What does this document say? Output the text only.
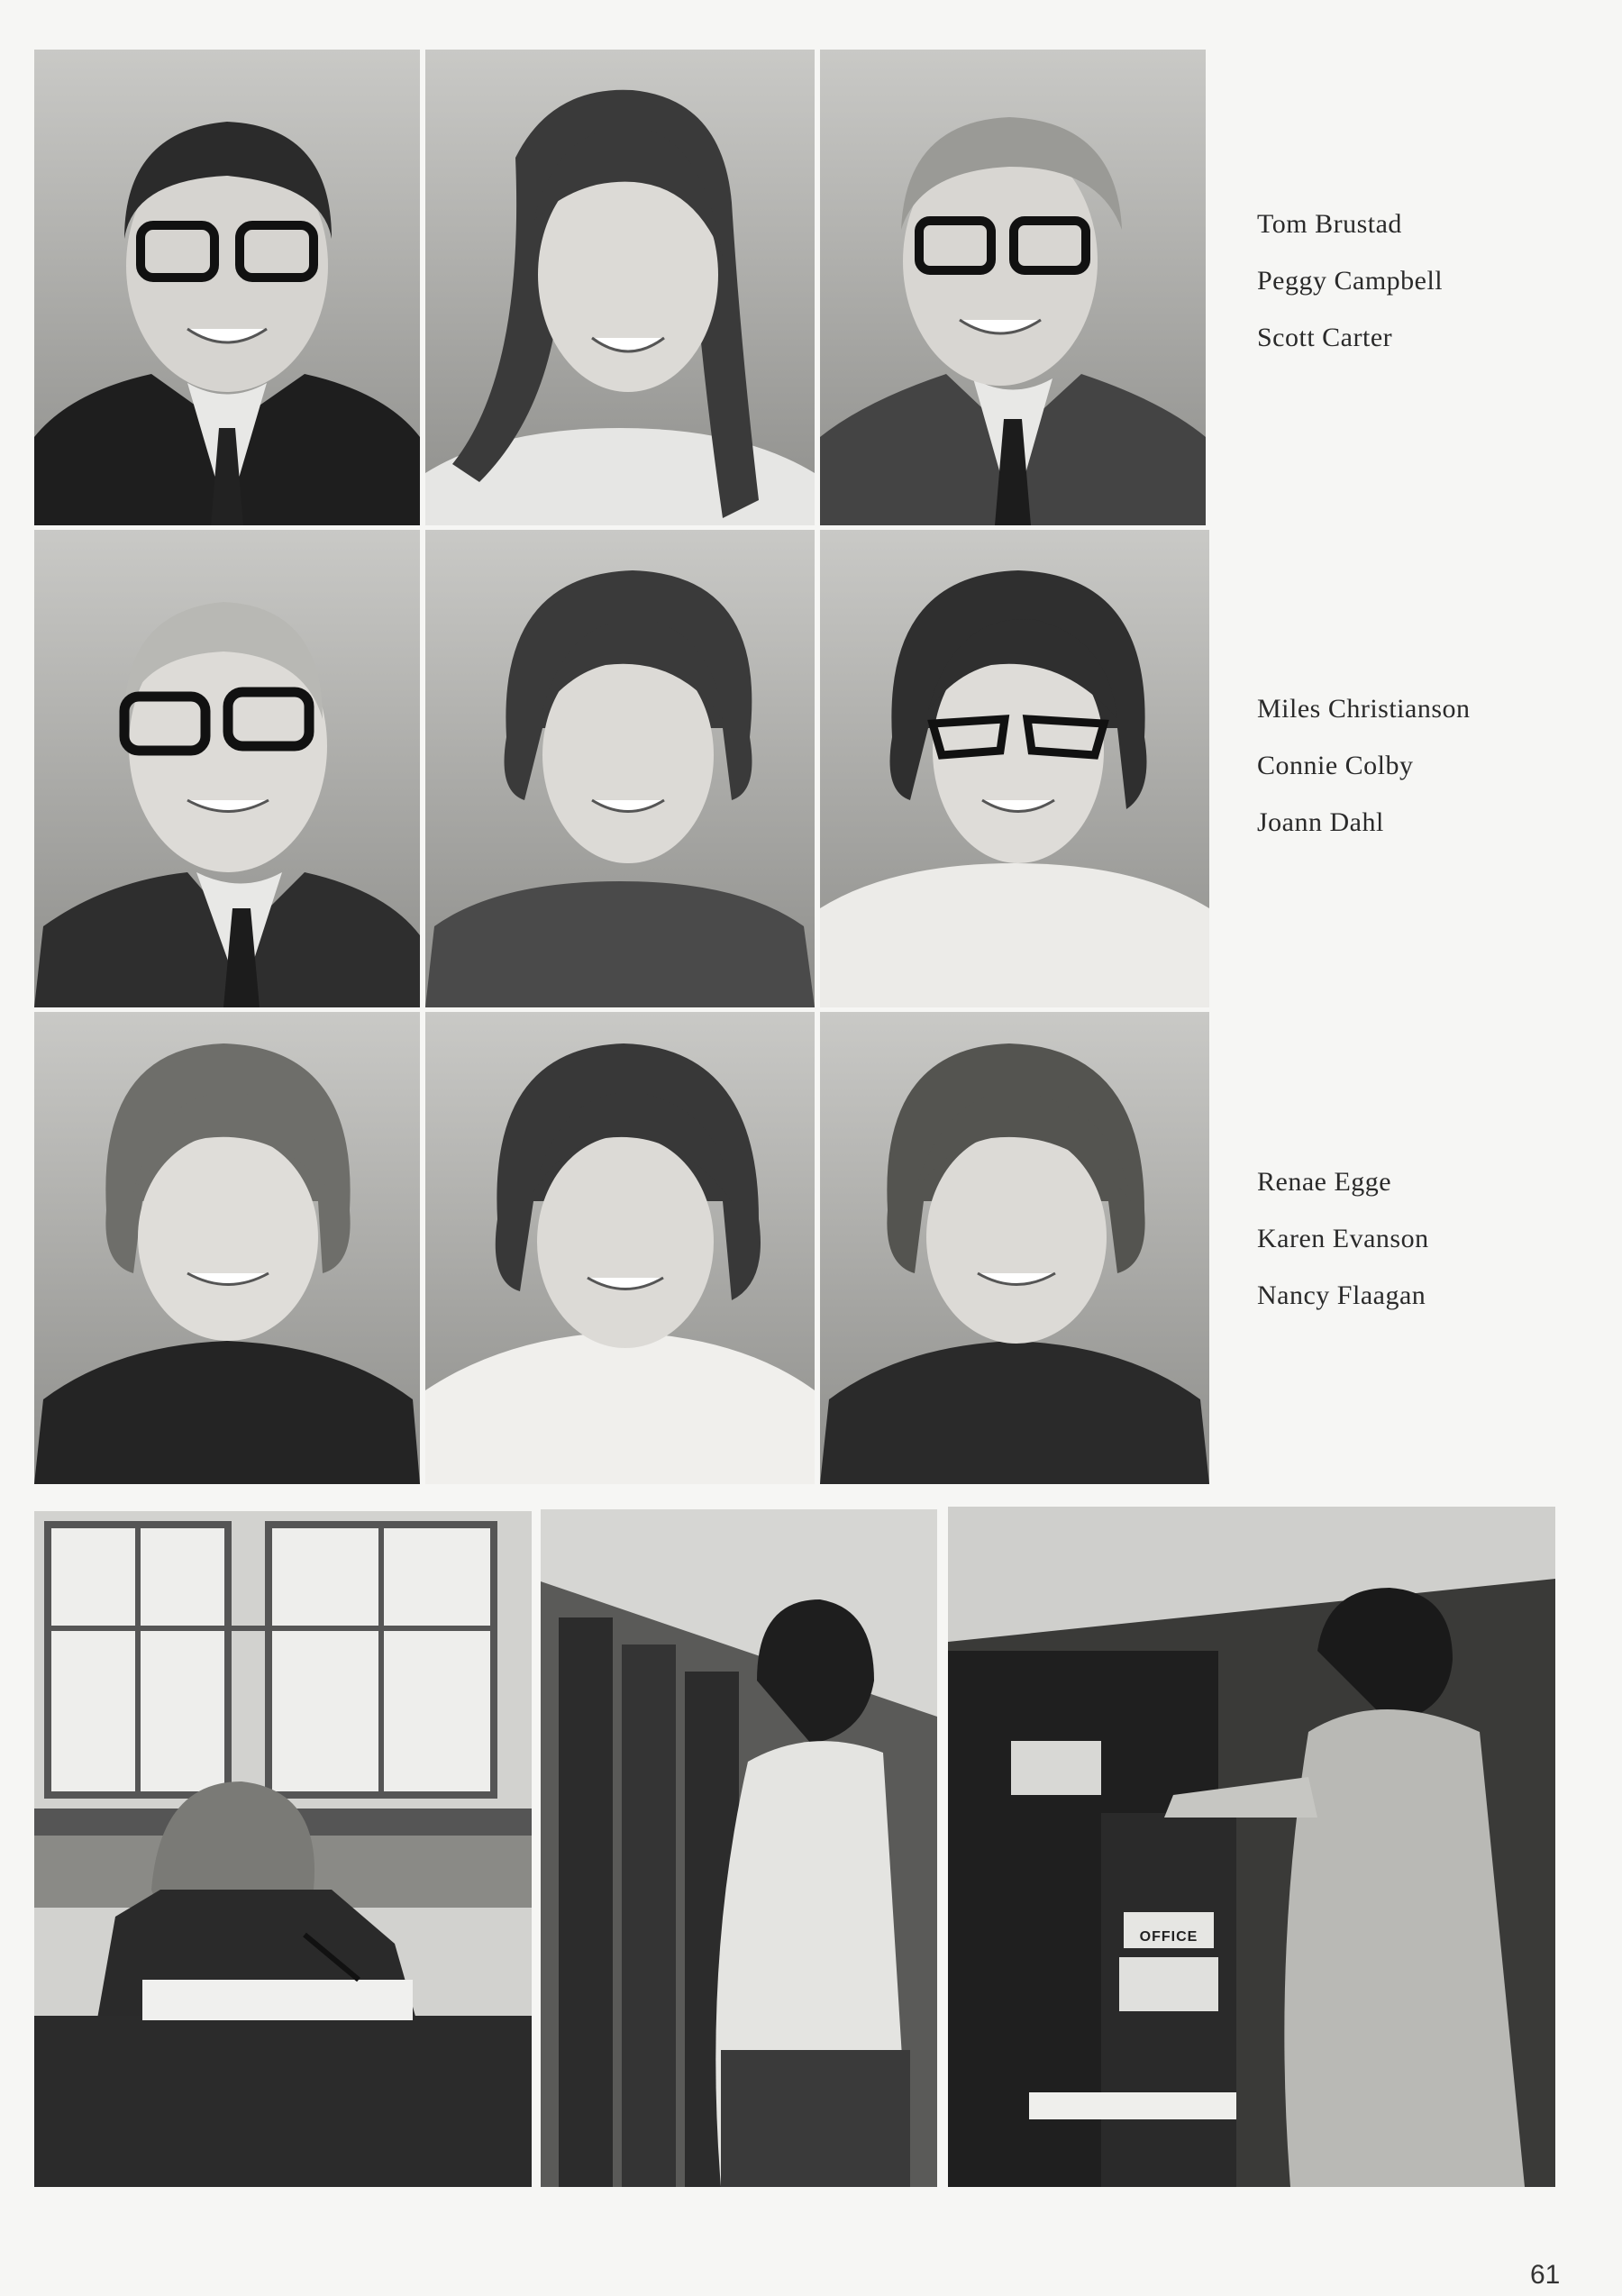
Tom Brustad
Peggy Campbell
Scott Carter
Miles Christianson
Connie Colby
Joann Dahl
Renae Egge
Karen Evanson
Nancy Flaagan
OFFICE
61
